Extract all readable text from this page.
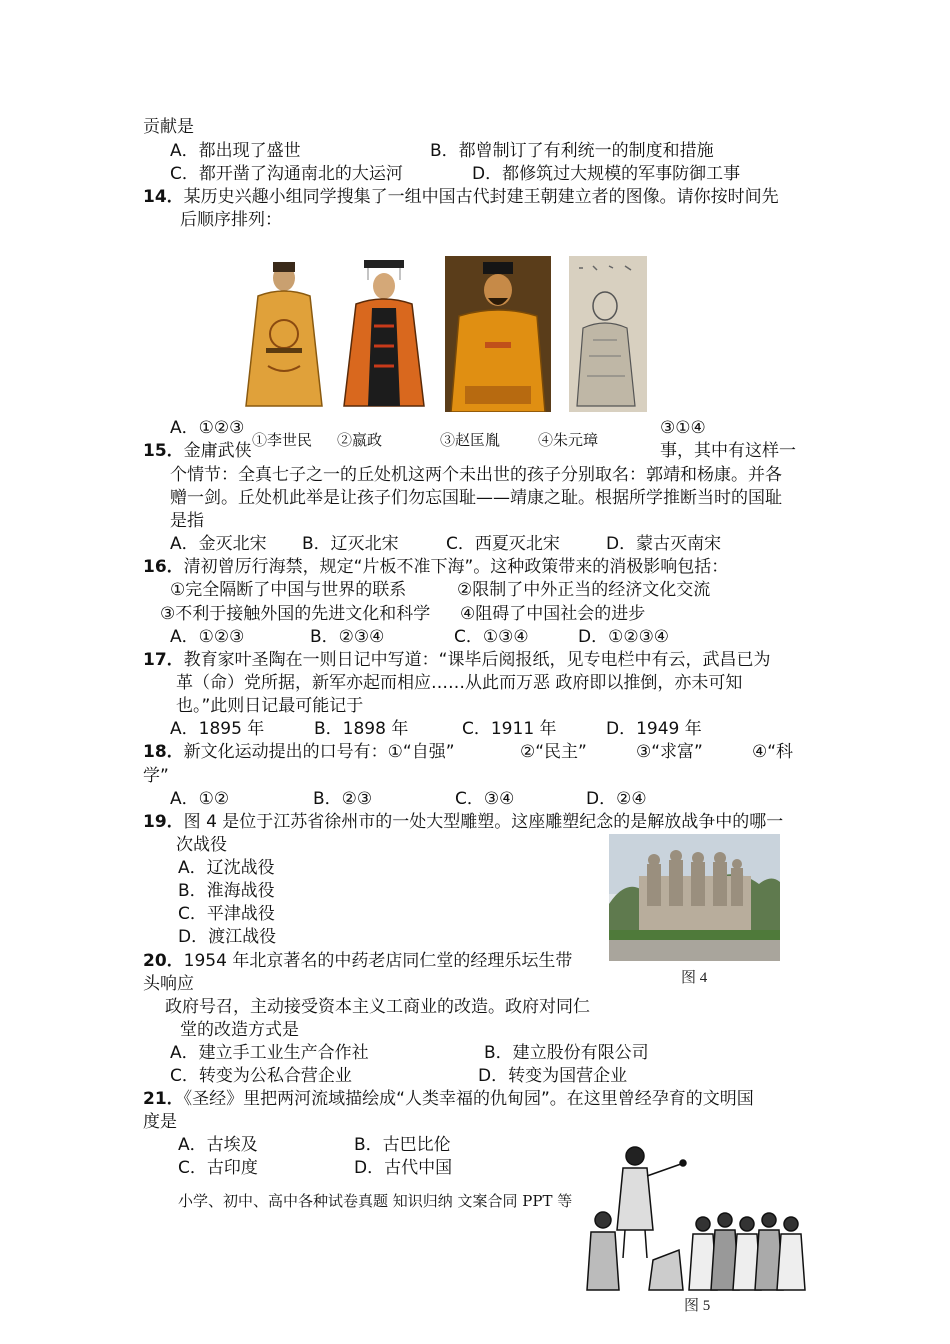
贡献是
A．都出现了盛世	B．都曾制订了有利统一的制度和措施
C．都开凿了沟通南北的大运河	D．都修筑过大规模的军事防御工事
14．某历史兴趣小组同学搜集了一组中国古代封建王朝建立者的图像。请你按时间先
后顺序排列：
A．①②③	③①④
①李世民 ②嬴政	③赵匡胤	④朱元璋
15．金庸武侠	事，其中有这样一
个情节：全真七子之一的丘处机这两个未出世的孩子分别取名：郭靖和杨康。并各
赠一剑。丘处机此举是让孩子们勿忘国耻——靖康之耻。根据所学推断当时的国耻
是指
A．金灭北宋 B．辽灭北宋	C．西夏灭北宋	D．蒙古灭南宋
16．清初曾厉行海禁，规定“片板不准下海”。这种政策带来的消极影响包括：
①完全隔断了中国与世界的联系	②限制了中外正当的经济文化交流
③不利于接触外国的先进文化和科学 ④阻碍了中国社会的进步
A．①②③	B．②③④	C．①③④	D．①②③④
17．教育家叶圣陶在一则日记中写道：“课毕后阅报纸，见专电栏中有云，武昌已为
革（命）党所据，新军亦起而相应……从此而万恶 政府即以推倒，亦未可知
也。”此则日记最可能记于
A．1895 年	B．1898 年	C．1911 年	D．1949 年
18．新文化运动提出的口号有：①“自强”	②“民主”	③“求富”	④“科
学”
A．①②	B．②③	C．③④	D．②④
19．图 4 是位于江苏省徐州市的一处大型雕塑。这座雕塑纪念的是解放战争中的哪一
次战役
A．辽沈战役
B．淮海战役
C．平津战役
D．渡江战役
图 4
20．1954 年北京著名的中药老店同仁堂的经理乐坛生带
头响应
政府号召，主动接受资本主义工商业的改造。政府对同仁
堂的改造方式是
A．建立手工业生产合作社	B．建立股份有限公司
C．转变为公私合营企业	D．转变为国营企业
21．《圣经》里把两河流域描绘成“人类幸福的仇甸园”。在这里曾经孕育的文明国
度是
A．古埃及	B．古巴比伦
C．古印度	D．古代中国
图 5
小学、初中、高中各种试卷真题 知识归纳 文案合同 PPT 等
